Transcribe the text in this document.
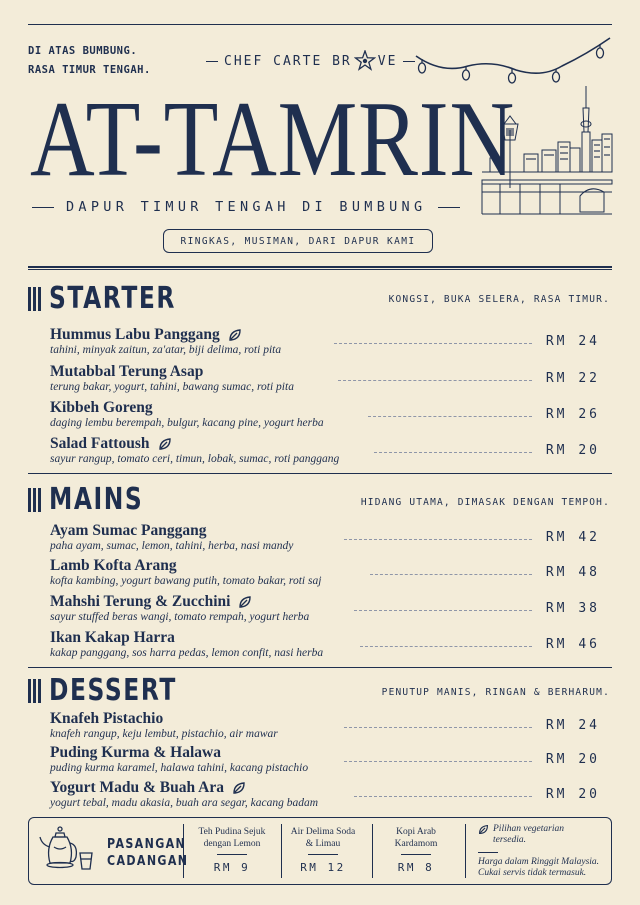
DI ATAS BUMBUNG.
RASA TIMUR TENGAH.
CHEF CARTE BR VE
AT-TAMRIN
DAPUR TIMUR TENGAH DI BUMBUNG
RINGKAS, MUSIMAN, DARI DAPUR KAMI
STARTER	KONGSI, BUKA SELERA, RASA TIMUR.
Hummus Labu Panggang
tahini, minyak zaitun, za'atar, biji delima, roti pita
RM 24
Mutabbal Terung Asap
terung bakar, yogurt, tahini, bawang sumac, roti pita
RM 22
Kibbeh Goreng
daging lembu berempah, bulgur, kacang pine, yogurt herba
RM 26
Salad Fattoush
sayur rangup, tomato ceri, timun, lobak, sumac, roti panggang
RM 20
MAINS	HIDANG UTAMA, DIMASAK DENGAN TEMPOH.
Ayam Sumac Panggang
paha ayam, sumac, lemon, tahini, herba, nasi mandy
RM 42
Lamb Kofta Arang
kofta kambing, yogurt bawang putih, tomato bakar, roti saj
RM 48
Mahshi Terung & Zucchini
sayur stuffed beras wangi, tomato rempah, yogurt herba
RM 38
Ikan Kakap Harra
kakap panggang, sos harra pedas, lemon confit, nasi herba
RM 46
DESSERT	PENUTUP MANIS, RINGAN & BERHARUM.
Knafeh Pistachio
knafeh rangup, keju lembut, pistachio, air mawar
RM 24
Puding Kurma & Halawa
puding kurma karamel, halawa tahini, kacang pistachio
RM 20
Yogurt Madu & Buah Ara
yogurt tebal, madu akasia, buah ara segar, kacang badam
RM 20
PASANGAN
CADANGAN
Teh Pudina Sejuk
dengan Lemon
RM 9
Air Delima Soda
& Limau
RM 12
Kopi Arab
Kardamom
RM 8
Pilihan vegetarian
tersedia.
Harga dalam Ringgit Malaysia.
Cukai servis tidak termasuk.
